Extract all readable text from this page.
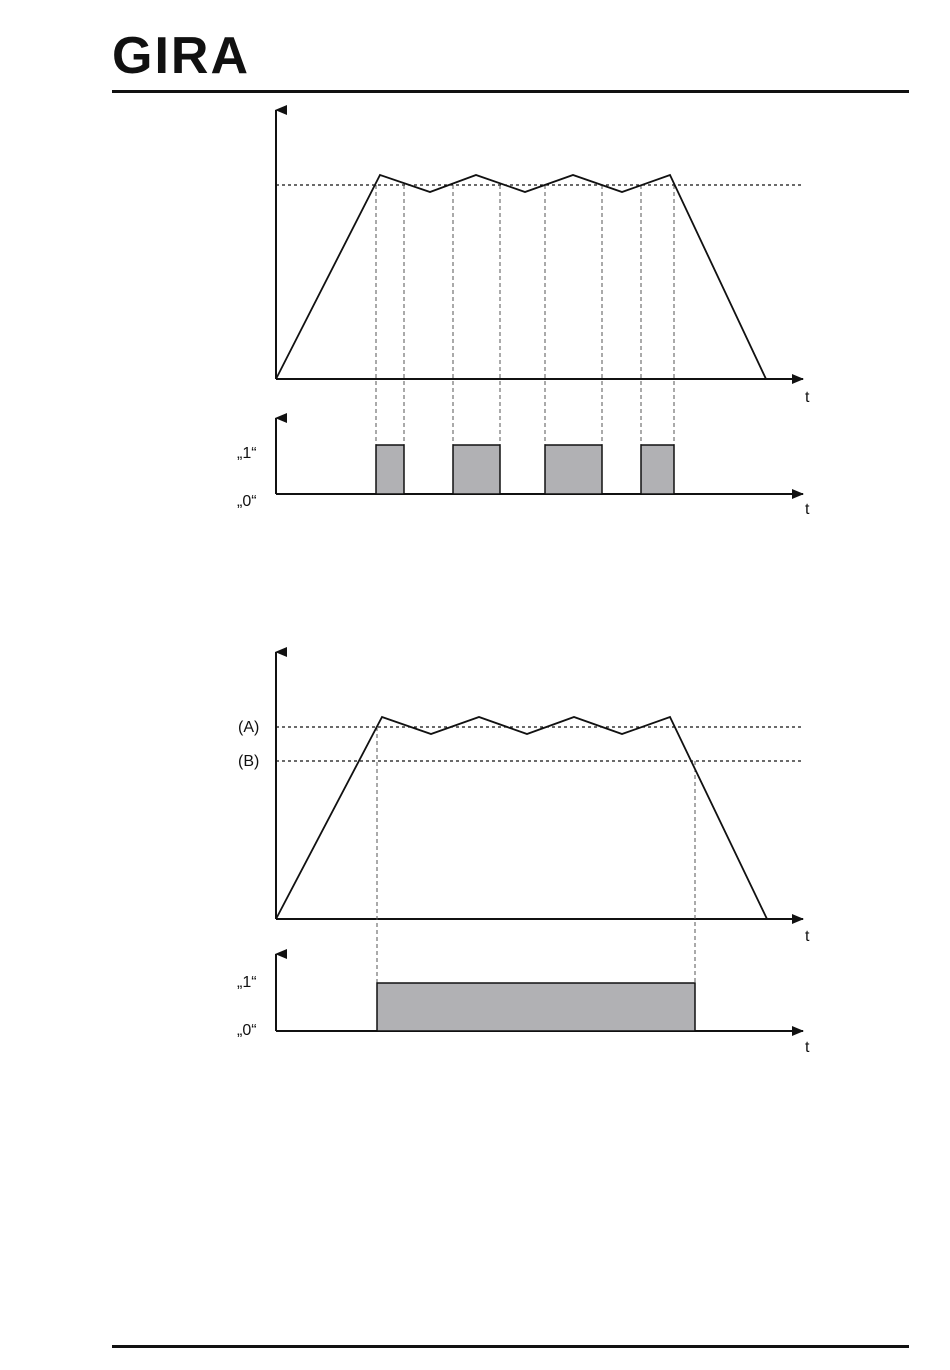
GIRA
t
t
„1“
„0“
t
(A)
(B)
t
„1“
„0“
